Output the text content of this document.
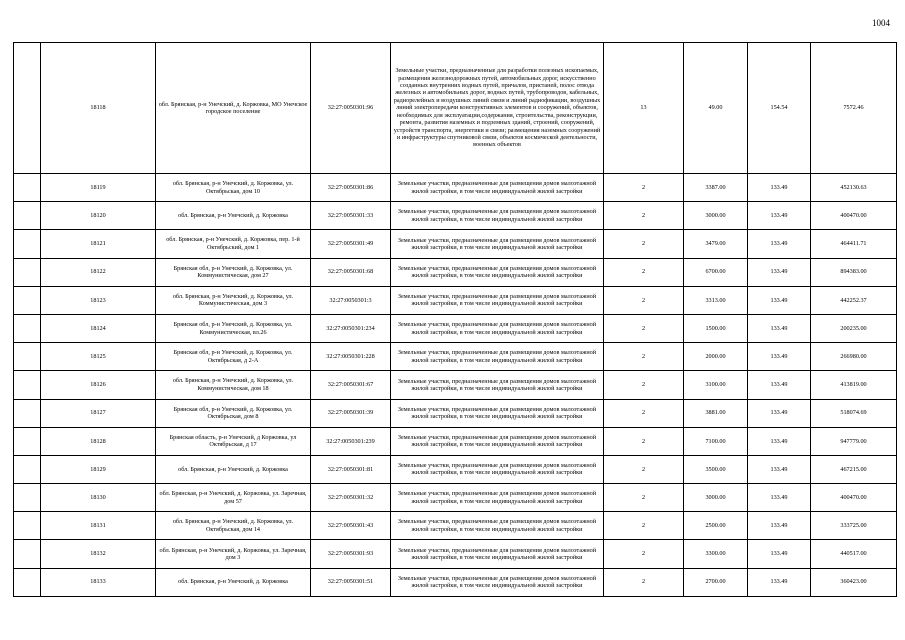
1004
	18118	обл. Брянская, р-н Унечский, д. Коржовка, МО Унечское городское поселение	32:27:0050301:96	Земельные участки, предназначенные для разработки полезных ископаемых, размещения железнодорожных путей, автомобильных дорог, искусственно созданных внутренних водных путей, причалов, пристаней, полос отвода железных и автомобильных дорог, водных путей, трубопроводов, кабельных, радиорелейных и воздушных линий связи и линий радиофикации, воздушных линий электропередачи конструктивных элементов и сооружений, объектов, необходимых для эксплуатации,содержания, строительства, реконструкции, ремонта, развития наземных и подземных зданий, строений, сооружений, устройств транспорта, энергетики и связи; размещения наземных сооружений и инфраструктуры спутниковой связи, объектов космической деятельности, военных объектов	13	49.00	154.54	7572.46
	18119	обл. Брянская, р-н Унечский, д. Коржовка, ул. Октябрьская, дом 10	32:27:0050301:86	Земельные участки, предназначенные для размещения домов малоэтажной жилой застройки, в том числе индивидуальной жилой застройки	2	3387.00	133.49	452130.63
	18120	обл. Брянская, р-н Унечский, д. Коржовка	32:27:0050301:33	Земельные участки, предназначенные для размещения домов малоэтажной жилой застройки, в том числе индивидуальной жилой застройки	2	3000.00	133.49	400470.00
	18121	обл. Брянская, р-н Унечский, д. Коржовка, пер. 1-й Октябрьский, дом 1	32:27:0050301:49	Земельные участки, предназначенные для размещения домов малоэтажной жилой застройки, в том числе индивидуальной жилой застройки	2	3479.00	133.49	464411.71
	18122	Брянская обл, р-н Унечский, д. Коржовка, ул. Коммунистическая, дом 27	32:27:0050301:68	Земельные участки, предназначенные для размещения домов малоэтажной жилой застройки, в том числе индивидуальной жилой застройки	2	6700.00	133.49	894383.00
	18123	обл. Брянская, р-н Унечский, д. Коржовка, ул. Коммунистическая, дом 3	32:27:0050301:3	Земельные участки, предназначенные для размещения домов малоэтажной жилой застройки, в том числе индивидуальной жилой застройки	2	3313.00	133.49	442252.37
	18124	Брянская обл, р-н Унечский, д. Коржовка, ул. Коммунистическая, вл.26	32:27:0050301:234	Земельные участки, предназначенные для размещения домов малоэтажной жилой застройки, в том числе индивидуальной жилой застройки	2	1500.00	133.49	200235.00
	18125	Брянская обл, р-н Унечский, д. Коржовка, ул. Октябрьская, д 2-А	32:27:0050301:228	Земельные участки, предназначенные для размещения домов малоэтажной жилой застройки, в том числе индивидуальной жилой застройки	2	2000.00	133.49	266980.00
	18126	обл. Брянская, р-н Унечский, д. Коржовка, ул. Коммунистическая, дом 18	32:27:0050301:67	Земельные участки, предназначенные для размещения домов малоэтажной жилой застройки, в том числе индивидуальной жилой застройки	2	3100.00	133.49	413819.00
	18127	Брянская обл, р-н Унечский, д. Коржовка, ул. Октябрьская, дом 8	32:27:0050301:39	Земельные участки, предназначенные для размещения домов малоэтажной жилой застройки, в том числе индивидуальной жилой застройки	2	3881.00	133.49	518074.69
	18128	Брянская область, р-н Унечский, д Коржовка, ул Октябрьская, д 17	32:27:0050301:239	Земельные участки, предназначенные для размещения домов малоэтажной жилой застройки, в том числе индивидуальной жилой застройки	2	7100.00	133.49	947779.00
	18129	обл. Брянская, р-н Унечский, д. Коржовка	32:27:0050301:81	Земельные участки, предназначенные для размещения домов малоэтажной жилой застройки, в том числе индивидуальной жилой застройки	2	3500.00	133.49	467215.00
	18130	обл. Брянская, р-н Унечский, д. Коржовка, ул. Заречная, дом 57	32:27:0050301:32	Земельные участки, предназначенные для размещения домов малоэтажной жилой застройки, в том числе индивидуальной жилой застройки	2	3000.00	133.49	400470.00
	18131	обл. Брянская, р-н Унечский, д. Коржовка, ул. Октябрьская, дом 14	32:27:0050301:43	Земельные участки, предназначенные для размещения домов малоэтажной жилой застройки, в том числе индивидуальной жилой застройки	2	2500.00	133.49	333725.00
	18132	обл. Брянская, р-н Унечский, д. Коржовка, ул. Заречная, дом 3	32:27:0050301:93	Земельные участки, предназначенные для размещения домов малоэтажной жилой застройки, в том числе индивидуальной жилой застройки	2	3300.00	133.49	440517.00
	18133	обл. Брянская, р-н Унечский, д. Коржовка	32:27:0050301:51	Земельные участки, предназначенные для размещения домов малоэтажной жилой застройки, в том числе индивидуальной жилой застройки	2	2700.00	133.49	360423.00
